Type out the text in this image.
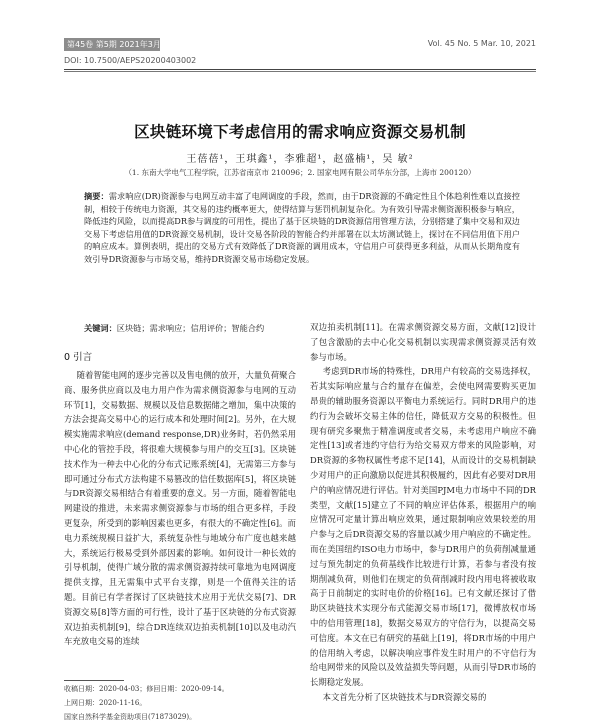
第45卷 第5期 2021年3月10日	Vol. 45 No. 5 Mar. 10, 2021
DOI: 10.7500/AEPS20200403002
区块链环境下考虑信用的需求响应资源交易机制
王蓓蓓¹，王琪鑫¹，李雅超¹，赵盛楠¹，吴 敏²
（1. 东南大学电气工程学院，江苏省南京市 210096；2. 国家电网有限公司华东分部，上海市 200120）
摘要：需求响应(DR)资源参与电网互动丰富了电网调度的手段，然而，由于DR资源的不确定性且个体趋利性难以直接控制，相较于传统电力资源，其交易的违约概率更大，使得结算与惩罚机制复杂化。为有效引导需求侧资源积极参与响应，降低违约风险，以而提高DR参与调度的可用性，提出了基于区块链的DR资源信用管理方法，分别搭建了集中交易和双边交易下考虑信用值的DR资源交易机制，设计交易各阶段的智能合约并部署在以太坊测试链上，探讨在不同信用值下用户的响应成本。算例表明，提出的交易方式有效降低了DR资源的调用成本，守信用户可获得更多利益，从而从长期角度有效引导DR资源参与市场交易，维持DR资源交易市场稳定发展。
关键词：区块链；需求响应；信用评价；智能合约
0 引言
随着智能电网的逐步完善以及售电侧的放开，大量负荷聚合商、服务供应商以及电力用户作为需求侧资源参与电网的互动环节[1]，交易数据、规模以及信息数据储之增加，集中决策的方法会提高交易中心的运行成本和处理时间[2]。另外，在大规模实施需求响应(demand response,DR)业务时，若仍然采用中心化的管控手段，将很难大规模参与用户的交互[3]。区块链技术作为一种去中心化的分布式记账系统[4]，无需第三方参与即可通过分布式方法构建不易篡改的信任数据库[5]，将区块链与DR资源交易相结合有着重要的意义。另一方面，随着智能电网建设的推进，未来需求侧资源参与市场的组合更多样，手段更复杂，所受到的影响因素也更多，有很大的不确定性[6]。而电力系统规模日益扩大，系统复杂性与地域分布广度也越来越大，系统运行极易受到外部因素的影响。如何设计一种长效的引导机制，使得广域分散的需求侧资源持续可靠地为电网调度提供支撑，且无需集中式平台支撑，则是一个值得关注的话题。目前已有学者探讨了区块链技术应用于光伏交易[7]、DR资源交易[8]等方面的可行性，设计了基于区块链的分布式资源双边拍卖机制[9]，综合DR连续双边拍卖机制[10]以及电动汽车充放电交易的连续

双边拍卖机制[11]。在需求侧资源交易方面，文献[12]设计了包含激励的去中心化交易机制以实现需求侧资源灵活有效参与市场。

考虑到DR市场的特殊性，DR用户有较高的交易选择权，若其实际响应量与合约量存在偏差，会使电网需要购买更加昂贵的辅助服务资源以平衡电力系统运行。同时DR用户的违约行为会破坏交易主体的信任，降低双方交易的积极性。但现有研究多聚焦于精准调度或者交易，未考虑用户响应不确定性[13]或者违约守信行为给交易双方带来的风险影响，对DR资源的多物权属性考虑不足[14]，从而设计的交易机制缺少对用户的正向激励以促进其积极履约，因此有必要对DR用户的响应情况进行评估。针对美国PJM电力市场中不同的DR类型，文献[15]建立了不同的响应评估体系，根据用户的响应情况可定量计算出响应效果，通过限制响应效果较差的用户参与之后DR资源交易的容量以减少用户响应的不确定性。而在美国纽约ISO电力市场中，参与DR用户的负荷削减量通过与预先制定的负荷基线作比较进行计算，若参与者没有按期削减负荷，则他们在规定的负荷削减时段内用电将被收取高于日前制定的实时电价的价格[16]。已有文献还探讨了借助区块链技术实现分布式能源交易市场[17]，微博放权市场中的信用管理[18]，数据交易双方的守信行为，以提高交易可信度。本文在已有研究的基础上[19]，将DR市场的中用户的信用纳入考虑，以解决响应事件发生时用户的不守信行为给电网带来的风险以及效益损失等问题，从而引导DR市场的长期稳定发展。

本文首先分析了区块链技术与DR资源交易的

收稿日期：2020-04-03；修回日期：2020-09-14。
上网日期：2020-11-16。
国家自然科学基金资助项目(71873029)。
